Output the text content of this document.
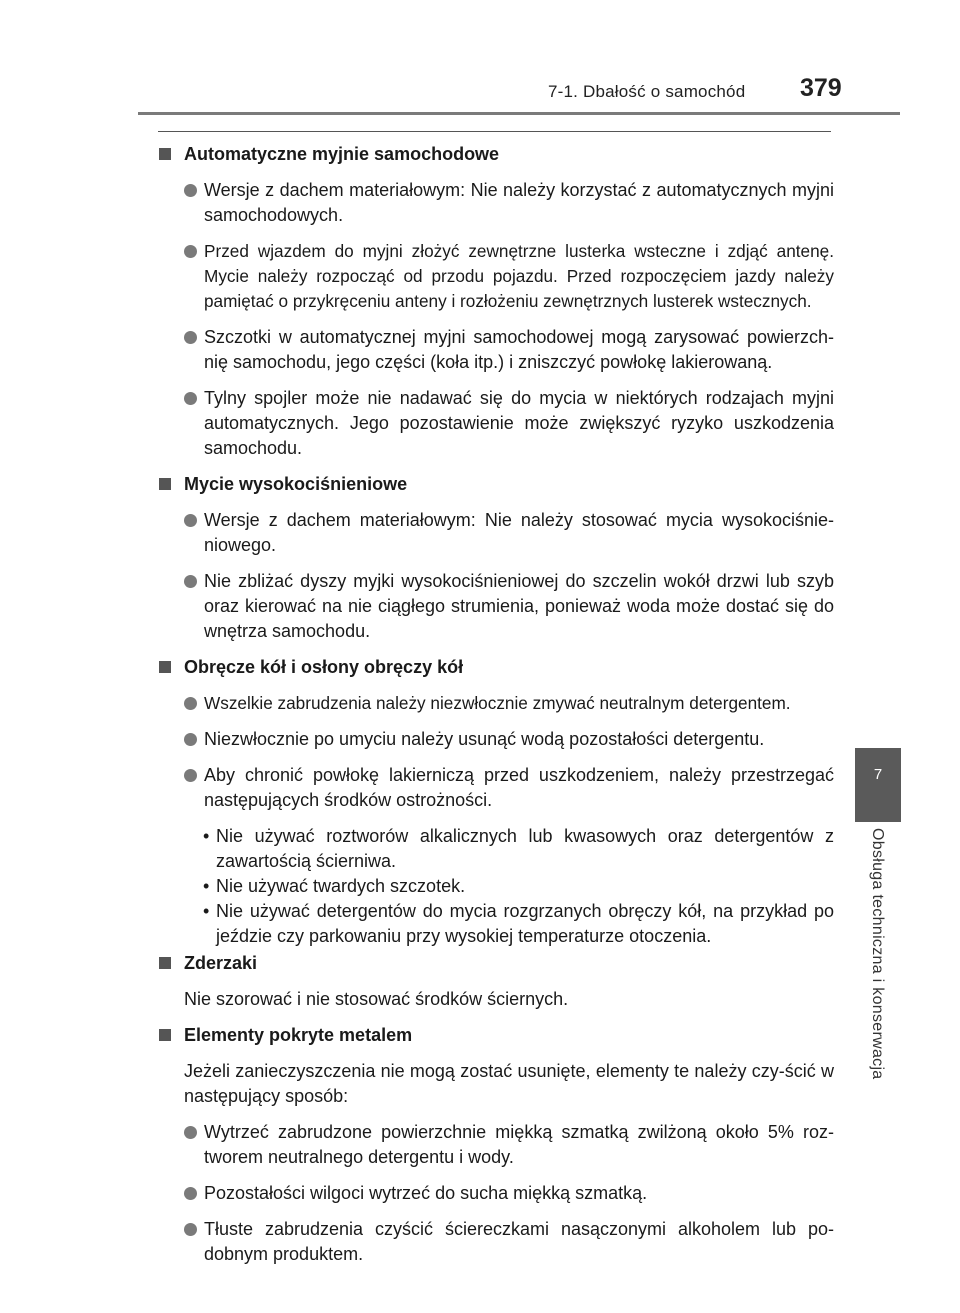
7-1. Dbałość o samochód 379
7
Obsługa techniczna i konserwacja
Automatyczne myjnie samochodowe
Wersje z dachem materiałowym: Nie należy korzystać z automatycznych myjni samochodowych.
Przed wjazdem do myjni złożyć zewnętrzne lusterka wsteczne i zdjąć antenę. Mycie należy rozpocząć od przodu pojazdu. Przed rozpoczęciem jazdy należy pamiętać o przykręceniu anteny i rozłożeniu zewnętrznych lusterek wstecznych.
Szczotki w automatycznej myjni samochodowej mogą zarysować powierzch-nię samochodu, jego części (koła itp.) i zniszczyć powłokę lakierowaną.
Tylny spojler może nie nadawać się do mycia w niektórych rodzajach myjni automatycznych. Jego pozostawienie może zwiększyć ryzyko uszkodzenia samochodu.
Mycie wysokociśnieniowe
Wersje z dachem materiałowym: Nie należy stosować mycia wysokociśnie-niowego.
Nie zbliżać dyszy myjki wysokociśnieniowej do szczelin wokół drzwi lub szyb oraz kierować na nie ciągłego strumienia, ponieważ woda może dostać się do wnętrza samochodu.
Obręcze kół i osłony obręczy kół
Wszelkie zabrudzenia należy niezwłocznie zmywać neutralnym detergentem.
Niezwłocznie po umyciu należy usunąć wodą pozostałości detergentu.
Aby chronić powłokę lakierniczą przed uszkodzeniem, należy przestrzegać następujących środków ostrożności.
• Nie używać roztworów alkalicznych lub kwasowych oraz detergentów z zawartością ścierniwa.
• Nie używać twardych szczotek.
• Nie używać detergentów do mycia rozgrzanych obręczy kół, na przykład po jeździe czy parkowaniu przy wysokiej temperaturze otoczenia.
Zderzaki
Nie szorować i nie stosować środków ściernych.
Elementy pokryte metalem
Jeżeli zanieczyszczenia nie mogą zostać usunięte, elementy te należy czy-ścić w następujący sposób:
Wytrzeć zabrudzone powierzchnie miękką szmatką zwilżoną około 5% roz-tworem neutralnego detergentu i wody.
Pozostałości wilgoci wytrzeć do sucha miękką szmatką.
Tłuste zabrudzenia czyścić ściereczkami nasączonymi alkoholem lub po-dobnym produktem.
